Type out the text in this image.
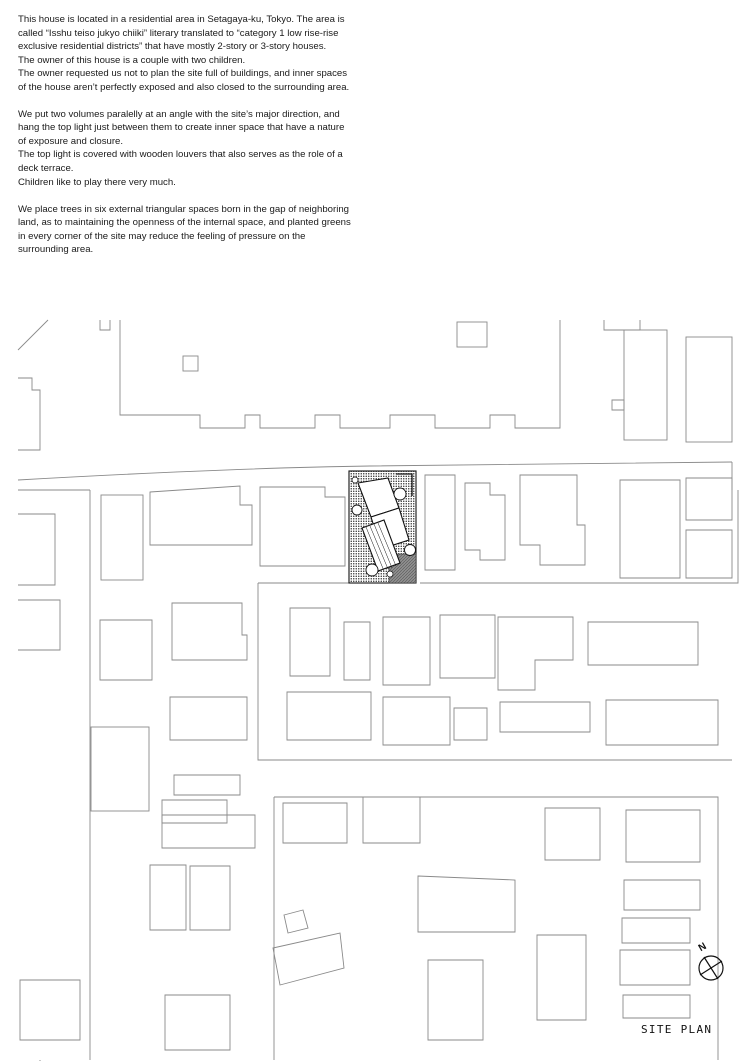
This house is located in a residential area in Setagaya-ku, Tokyo. The area is
called “Isshu teiso jukyo chiiki” literary translated to “category 1 low rise-rise
exclusive residential districts” that have mostly 2-story or 3-story houses.
The owner of this house is a couple with two children.
The owner requested us not to plan the site full of buildings, and inner spaces
of the house aren’t perfectly exposed and also closed to the surrounding area.

We put two volumes paralelly at an angle with the site’s major direction, and
hang the top light just between them to create inner space that have a nature
of exposure and closure.
The top light is covered with wooden louvers that also serves as the role of a
deck terrace.
Children like to play there very much.

We place trees in six external triangular spaces born in the gap of neighboring
land, as to maintaining the openness of the internal space, and planted greens
in every corner of the site may reduce the feeling of pressure on the
surrounding area.

N
SITE PLAN
